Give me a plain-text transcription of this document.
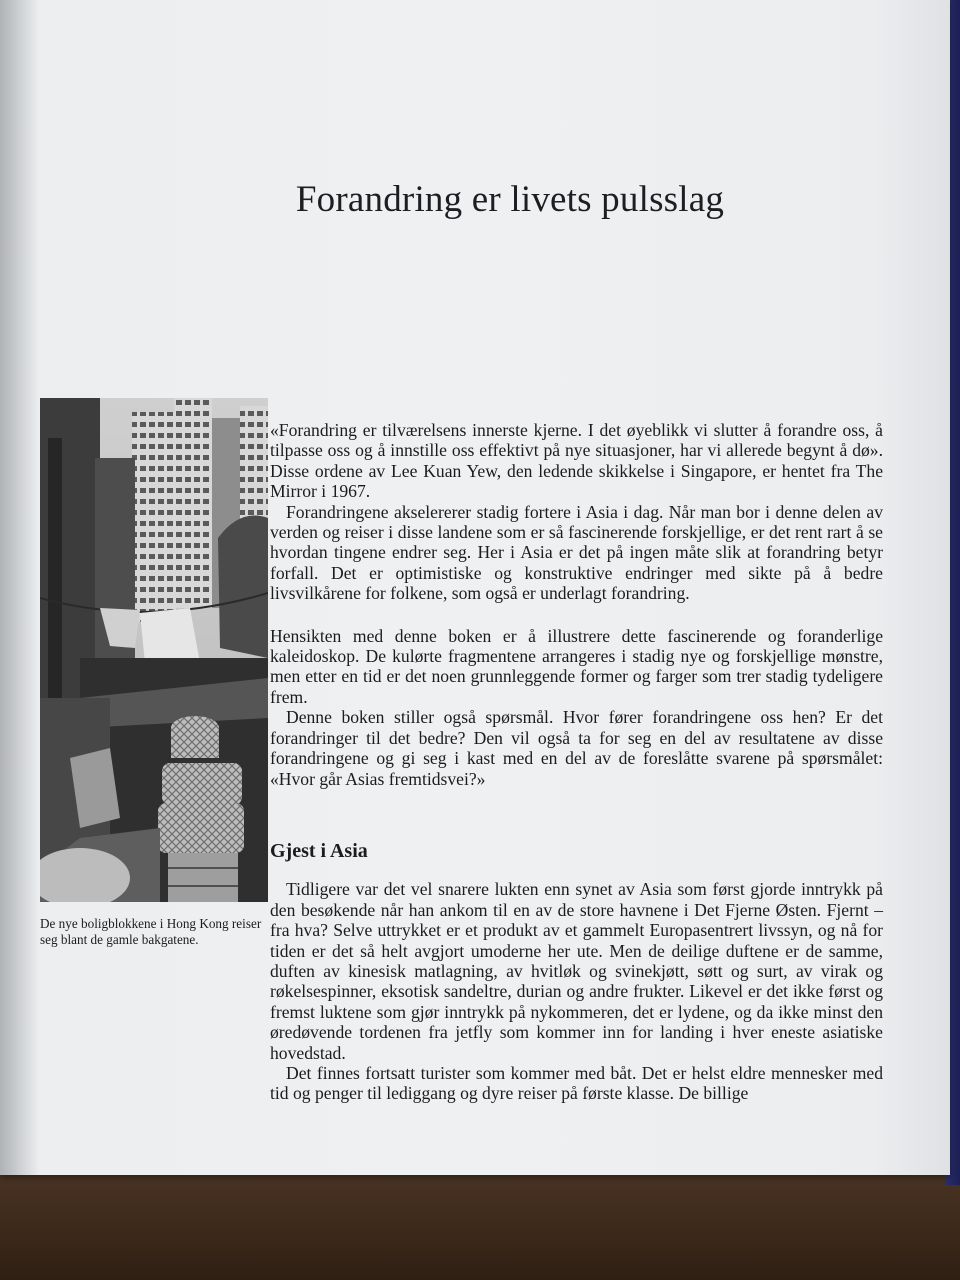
Forandring er livets pulsslag
De nye boligblokkene i Hong Kong reiser seg blant de gamle bakgatene.

«Forandring er tilværelsens innerste kjerne. I det øyeblikk vi slutter å forandre oss, å tilpasse oss og å innstille oss effektivt på nye situasjoner, har vi allerede begynt å dø». Disse ordene av Lee Kuan Yew, den ledende skikkelse i Singapore, er hentet fra The Mirror i 1967.

Forandringene akselererer stadig fortere i Asia i dag. Når man bor i denne delen av verden og reiser i disse landene som er så fascinerende forskjellige, er det rent rart å se hvordan tingene endrer seg. Her i Asia er det på ingen måte slik at forandring betyr forfall. Det er optimistiske og konstruktive endringer med sikte på å bedre livsvilkårene for folkene, som også er underlagt forandring.

Hensikten med denne boken er å illustrere dette fascinerende og foranderlige kaleidoskop. De kulørte fragmentene arrangeres i stadig nye og forskjellige mønstre, men etter en tid er det noen grunnleggende former og farger som trer stadig tydeligere frem.

Denne boken stiller også spørsmål. Hvor fører forandringene oss hen? Er det forandringer til det bedre? Den vil også ta for seg en del av resultatene av disse forandringene og gi seg i kast med en del av de foreslåtte svarene på spørsmålet: «Hvor går Asias fremtidsvei?»

Gjest i Asia

Tidligere var det vel snarere lukten enn synet av Asia som først gjorde inntrykk på den besøkende når han ankom til en av de store havnene i Det Fjerne Østen. Fjernt – fra hva? Selve uttrykket er et produkt av et gammelt Europasentrert livssyn, og nå for tiden er det så helt avgjort umoderne her ute. Men de deilige duftene er de samme, duften av kinesisk matlagning, av hvitløk og svinekjøtt, søtt og surt, av virak og røkelsespinner, eksotisk sandeltre, durian og andre frukter. Likevel er det ikke først og fremst luktene som gjør inntrykk på nykommeren, det er lydene, og da ikke minst den øredøvende tordenen fra jetfly som kommer inn for landing i hver eneste asiatiske hovedstad.

Det finnes fortsatt turister som kommer med båt. Det er helst eldre mennesker med tid og penger til lediggang og dyre reiser på første klasse. De billige
